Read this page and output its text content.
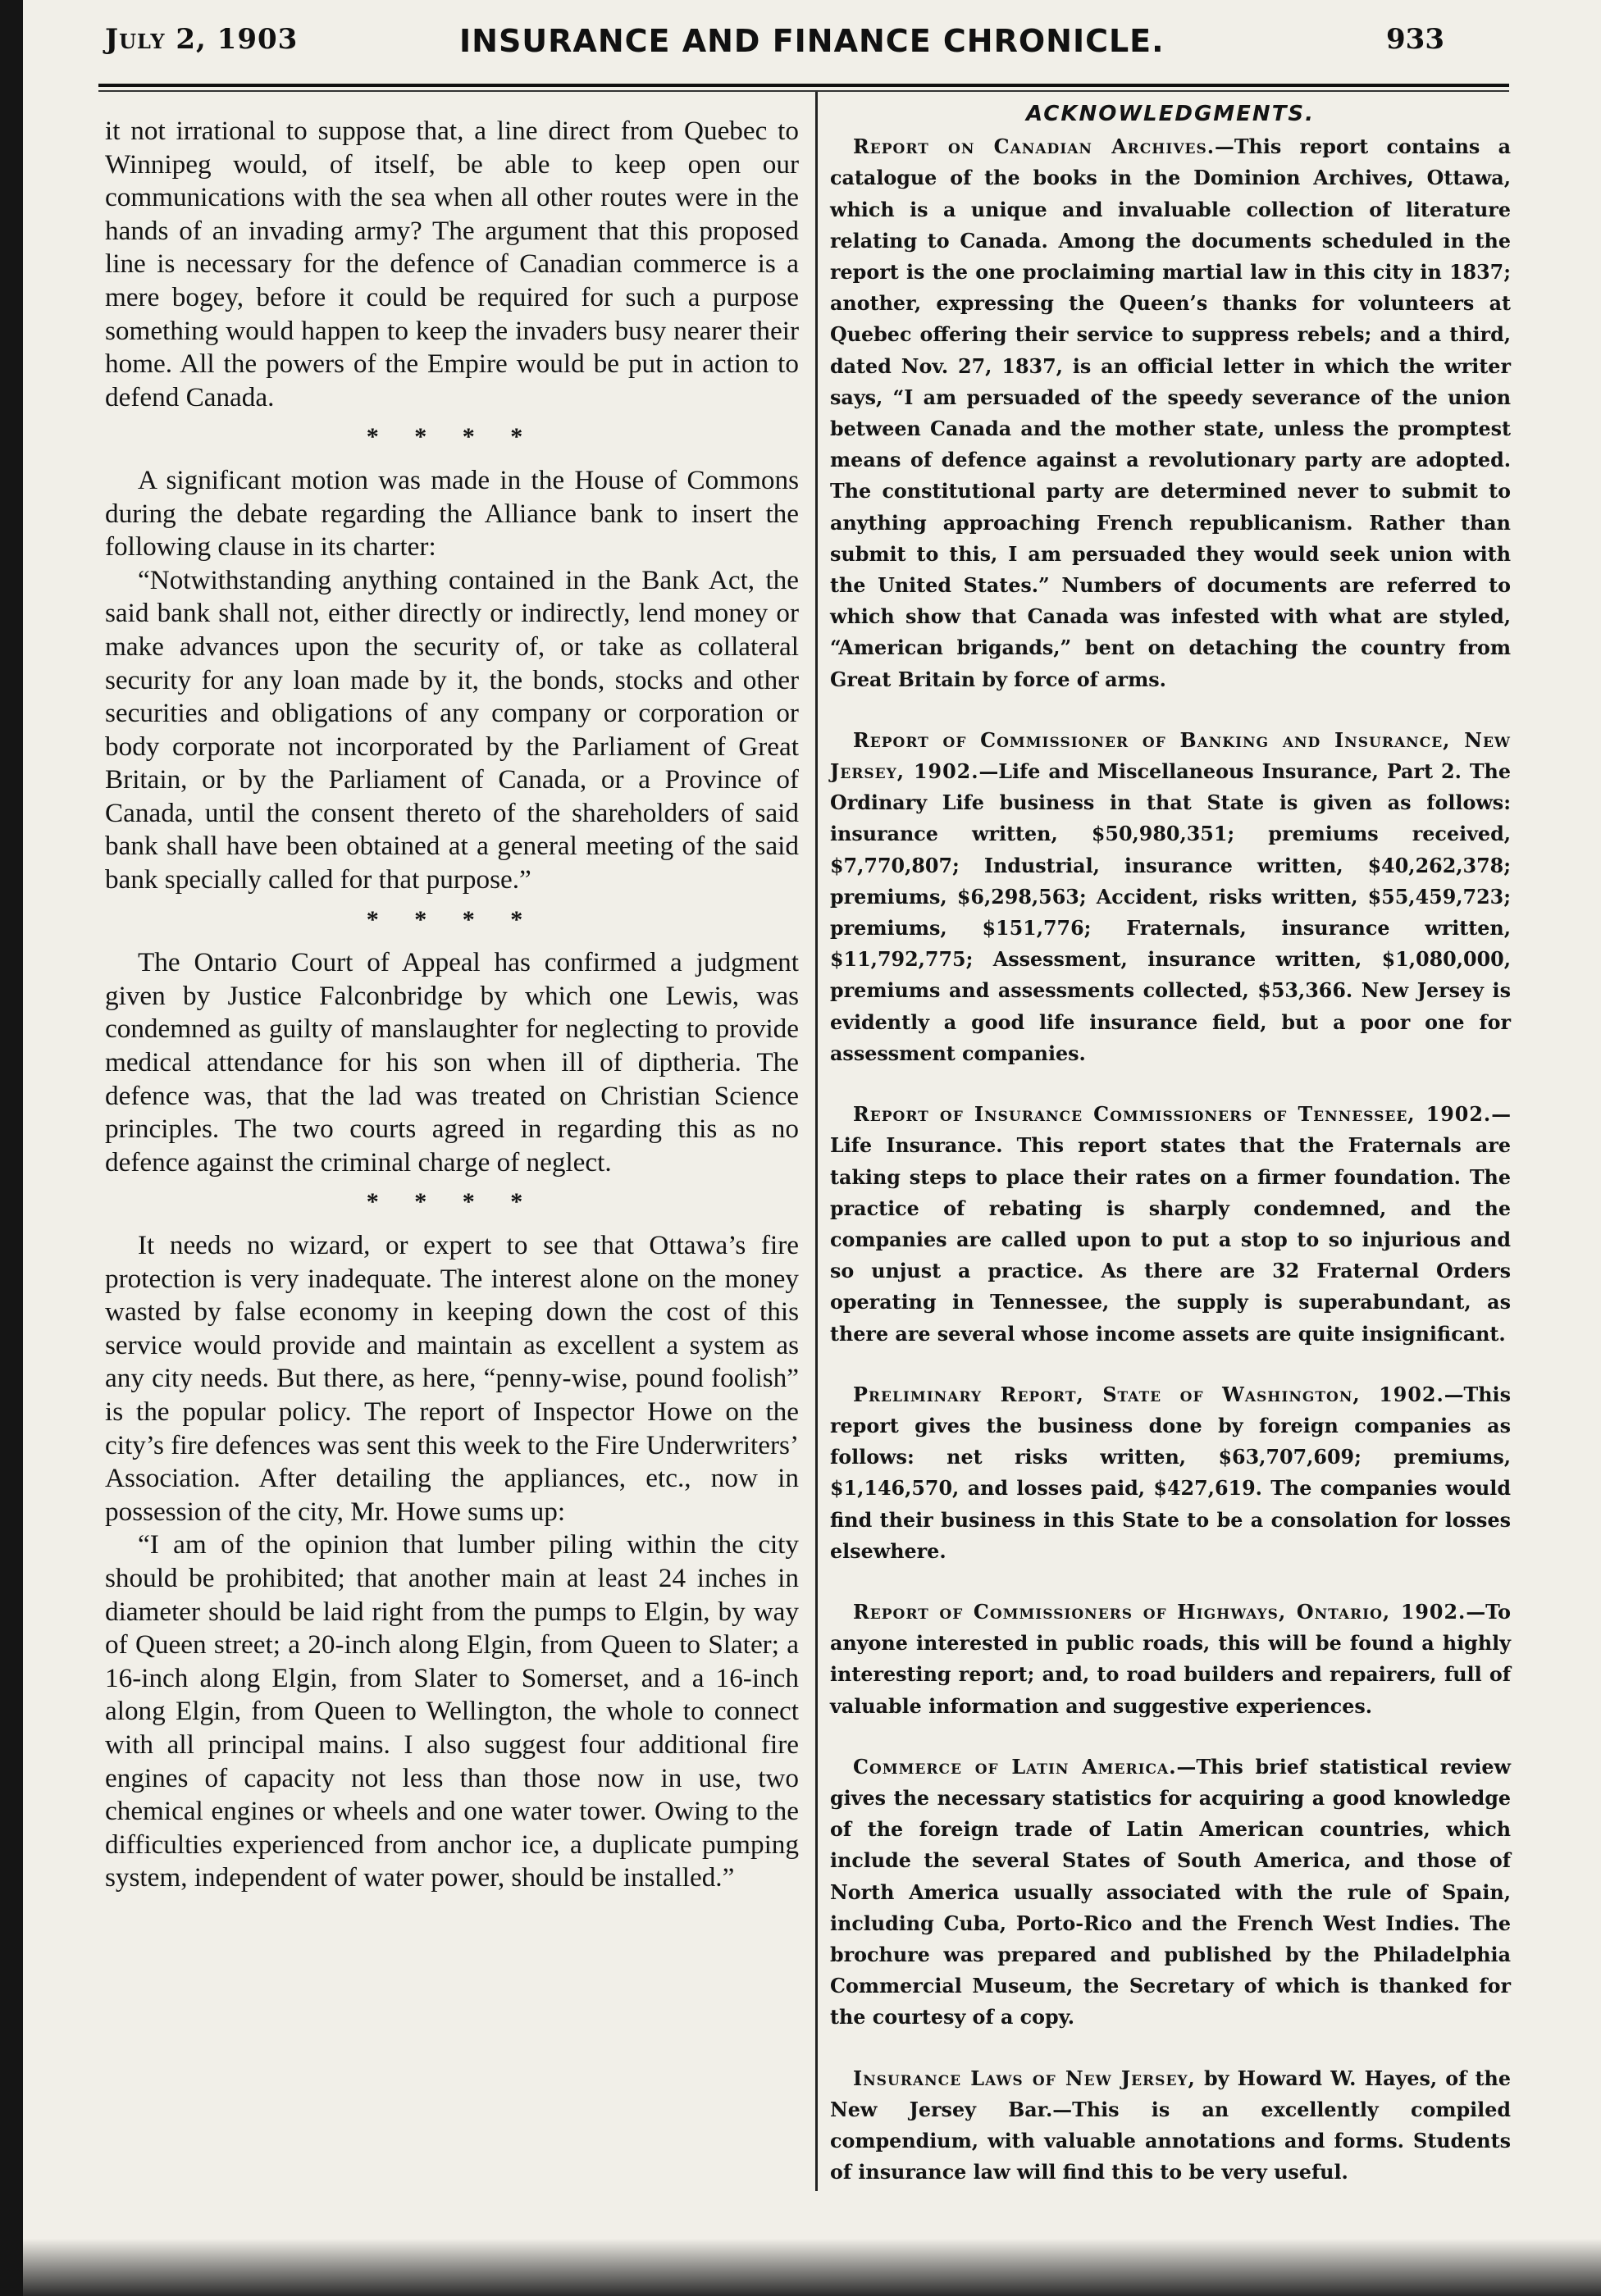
July 2, 1903	INSURANCE AND FINANCE CHRONICLE.	933

it not irrational to suppose that, a line direct from Quebec to Winnipeg would, of itself, be able to keep open our communications with the sea when all other routes were in the hands of an invading army? The argument that this proposed line is necessary for the defence of Canadian commerce is a mere bogey, before it could be required for such a purpose something would happen to keep the invaders busy nearer their home. All the powers of the Empire would be put in action to defend Canada.

* * * *

A significant motion was made in the House of Commons during the debate regarding the Alliance bank to insert the following clause in its charter:

“Notwithstanding anything contained in the Bank Act, the said bank shall not, either directly or indirectly, lend money or make advances upon the security of, or take as collateral security for any loan made by it, the bonds, stocks and other securities and obligations of any company or corporation or body corporate not incorporated by the Parliament of Great Britain, or by the Parliament of Canada, or a Province of Canada, until the consent thereto of the shareholders of said bank shall have been obtained at a general meeting of the said bank specially called for that purpose.”

* * * *

The Ontario Court of Appeal has confirmed a judgment given by Justice Falconbridge by which one Lewis, was condemned as guilty of manslaughter for neglecting to provide medical attendance for his son when ill of diptheria. The defence was, that the lad was treated on Christian Science principles. The two courts agreed in regarding this as no defence against the criminal charge of neglect.

* * * *

It needs no wizard, or expert to see that Ottawa’s fire protection is very inadequate. The interest alone on the money wasted by false economy in keeping down the cost of this service would provide and maintain as excellent a system as any city needs. But there, as here, “penny-wise, pound foolish” is the popular policy. The report of Inspector Howe on the city’s fire defences was sent this week to the Fire Underwriters’ Association. After detailing the appliances, etc., now in possession of the city, Mr. Howe sums up:

“I am of the opinion that lumber piling within the city should be prohibited; that another main at least 24 inches in diameter should be laid right from the pumps to Elgin, by way of Queen street; a 20-inch along Elgin, from Queen to Slater; a 16-inch along Elgin, from Slater to Somerset, and a 16-inch along Elgin, from Queen to Wellington, the whole to connect with all principal mains. I also suggest four additional fire engines of capacity not less than those now in use, two chemical engines or wheels and one water tower. Owing to the difficulties experienced from anchor ice, a duplicate pumping system, independent of water power, should be installed.”

ACKNOWLEDGMENTS.

Report on Canadian Archives.—This report contains a catalogue of the books in the Dominion Archives, Ottawa, which is a unique and invaluable collection of literature relating to Canada. Among the documents scheduled in the report is the one proclaiming martial law in this city in 1837; another, expressing the Queen’s thanks for volunteers at Quebec offering their service to suppress rebels; and a third, dated Nov. 27, 1837, is an official letter in which the writer says, “I am persuaded of the speedy severance of the union between Canada and the mother state, unless the promptest means of defence against a revolutionary party are adopted. The constitutional party are determined never to submit to anything approaching French republicanism. Rather than submit to this, I am persuaded they would seek union with the United States.” Numbers of documents are referred to which show that Canada was infested with what are styled, “American brigands,” bent on detaching the country from Great Britain by force of arms.

Report of Commissioner of Banking and Insurance, New Jersey, 1902.—Life and Miscellaneous Insurance, Part 2. The Ordinary Life business in that State is given as follows: insurance written, $50,980,351; premiums received, $7,770,807; Industrial, insurance written, $40,262,378; premiums, $6,298,563; Accident, risks written, $55,459,723; premiums, $151,776; Fraternals, insurance written, $11,792,775; Assessment, insurance written, $1,080,000, premiums and assessments collected, $53,366. New Jersey is evidently a good life insurance field, but a poor one for assessment companies.

Report of Insurance Commissioners of Tennessee, 1902.—Life Insurance. This report states that the Fraternals are taking steps to place their rates on a firmer foundation. The practice of rebating is sharply condemned, and the companies are called upon to put a stop to so injurious and so unjust a practice. As there are 32 Fraternal Orders operating in Tennessee, the supply is superabundant, as there are several whose income assets are quite insignificant.

Preliminary Report, State of Washington, 1902.—This report gives the business done by foreign companies as follows: net risks written, $63,707,609; premiums, $1,146,570, and losses paid, $427,619. The companies would find their business in this State to be a consolation for losses elsewhere.

Report of Commissioners of Highways, Ontario, 1902.—To anyone interested in public roads, this will be found a highly interesting report; and, to road builders and repairers, full of valuable information and suggestive experiences.

Commerce of Latin America.—This brief statistical review gives the necessary statistics for acquiring a good knowledge of the foreign trade of Latin American countries, which include the several States of South America, and those of North America usually associated with the rule of Spain, including Cuba, Porto-Rico and the French West Indies. The brochure was prepared and published by the Philadelphia Commercial Museum, the Secretary of which is thanked for the courtesy of a copy.

Insurance Laws of New Jersey, by Howard W. Hayes, of the New Jersey Bar.—This is an excellently compiled compendium, with valuable annotations and forms. Students of insurance law will find this to be very useful.
